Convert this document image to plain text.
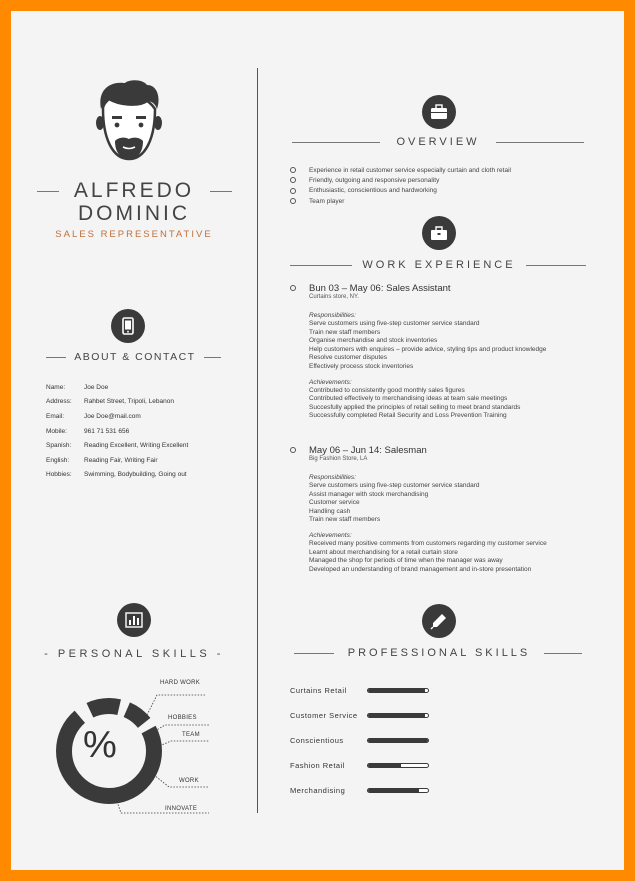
ALFREDO
DOMINIC
SALES REPRESENTATIVE
ABOUT & CONTACT
Name:	Joe Doe
Address:	Rahbet Street, Tripoli, Lebanon
Email:	Joe Doe@mail.com
Mobile:	961 71 531 656
Spanish:	Reading Excellent, Writing Excellent
English:	Reading Fair, Writing Fair
Hobbies:	Swimming, Bodybuilding, Going out
- PERSONAL SKILLS -
%
HARD WORK
HOBBIES
TEAM
WORK
INNOVATE
OVERVIEW
Experience in retail customer service especially curtain and cloth retail
Friendly, outgoing and responsive personality
Enthusiastic, conscientious and hardworking
Team player
WORK EXPERIENCE
Bun 03 – May 06: Sales Assistant
Curtains store, NY.
Responsibilities:
Serve customers using five-step customer service standard
Train new staff members
Organise merchandise and stock inventories
Help customers with enquires – provide advice, styling tips and product knowledge
Resolve customer disputes
Effectively process stock inventories
Achievements:
Contributed to consistently good monthly sales figures
Contributed effectively to merchandising ideas at team sale meetings
Succesfully applied the principles of retail selling to meet brand standards
Successfully completed Retail Security and Loss Prevention Training
May 06 – Jun 14: Salesman
Big Fashion Store, LA
Responsibilities:
Serve customers using five-step customer service standard
Assist manager with stock merchandising
Customer service
Handling cash
Train new staff members
Achievements:
Received many positive comments from customers regarding my customer service
Learnt about merchandising for a retail curtain store
Managed the shop for periods of time when the manager was away
Developed an understanding of brand management and in-store presentation
PROFESSIONAL SKILLS
Curtains Retail
Customer Service
Conscientious
Fashion Retail
Merchandising
